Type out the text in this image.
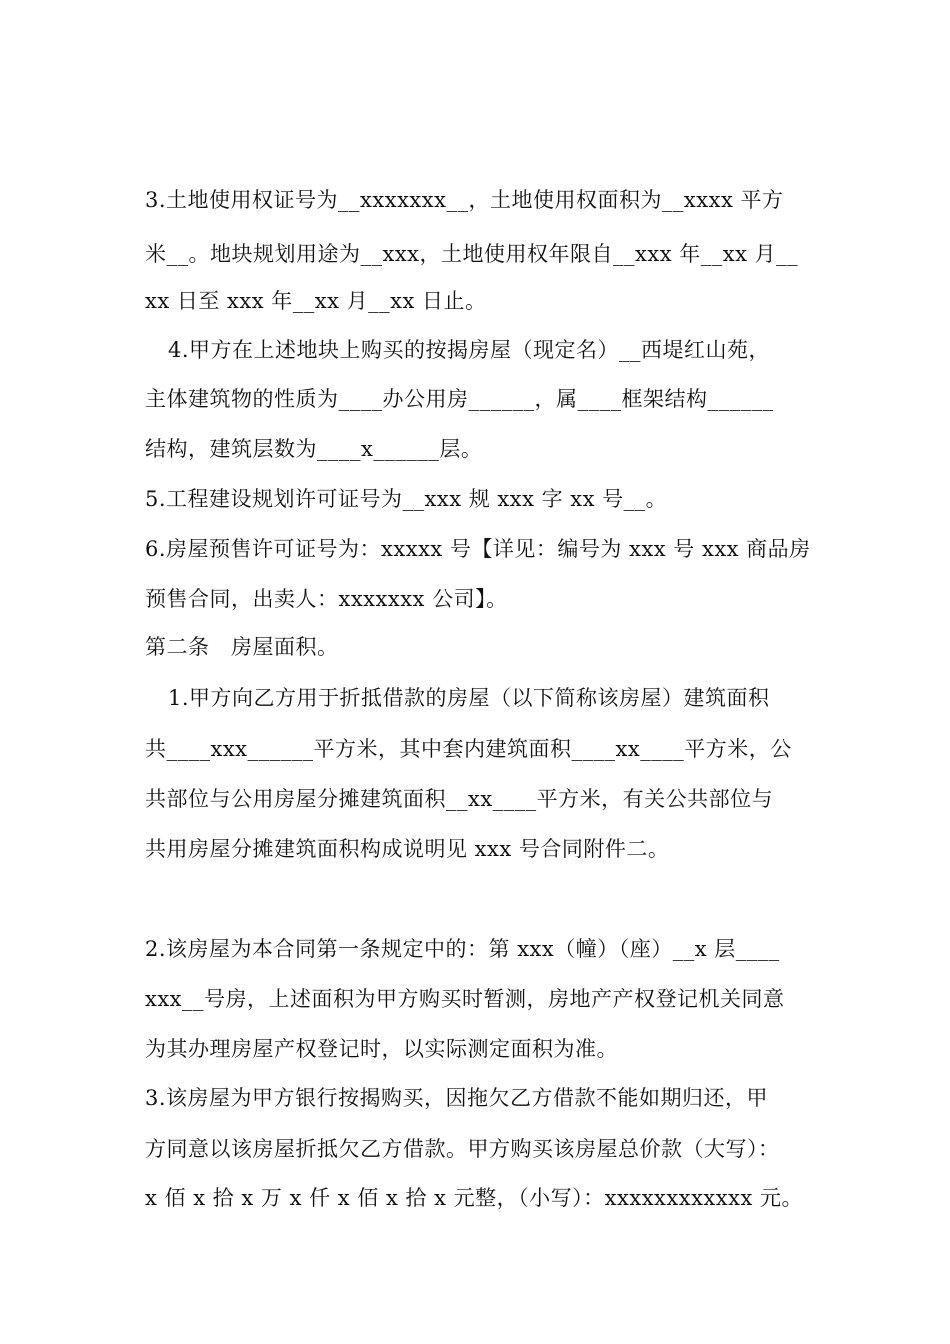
3.土地使用权证号为__xxxxxxx__，土地使用权面积为__xxxx 平方
米__。地块规划用途为__xxx，土地使用权年限自__xxx 年__xx 月__
xx 日至 xxx 年__xx 月__xx 日止。
4.甲方在上述地块上购买的按揭房屋（现定名）__西堤红山苑，
主体建筑物的性质为____办公用房______，属____框架结构______
结构，建筑层数为____x______层。
5.工程建设规划许可证号为__xxx 规 xxx 字 xx 号__。
6.房屋预售许可证号为：xxxxx 号【详见：编号为 xxx 号 xxx 商品房
预售合同，出卖人：xxxxxxx 公司】。
第二条　房屋面积。
1.甲方向乙方用于折抵借款的房屋（以下简称该房屋）建筑面积
共____xxx______平方米，其中套内建筑面积____xx____平方米，公
共部位与公用房屋分摊建筑面积__xx____平方米，有关公共部位与
共用房屋分摊建筑面积构成说明见 xxx 号合同附件二。
2.该房屋为本合同第一条规定中的：第 xxx（幢）（座）__x 层____
xxx__号房，上述面积为甲方购买时暂测，房地产产权登记机关同意
为其办理房屋产权登记时，以实际测定面积为准。
3.该房屋为甲方银行按揭购买，因拖欠乙方借款不能如期归还，甲
方同意以该房屋折抵欠乙方借款。甲方购买该房屋总价款（大写）：
x 佰 x 拾 x 万 x 仟 x 佰 x 拾 x 元整，（小写）：xxxxxxxxxxxx 元。
